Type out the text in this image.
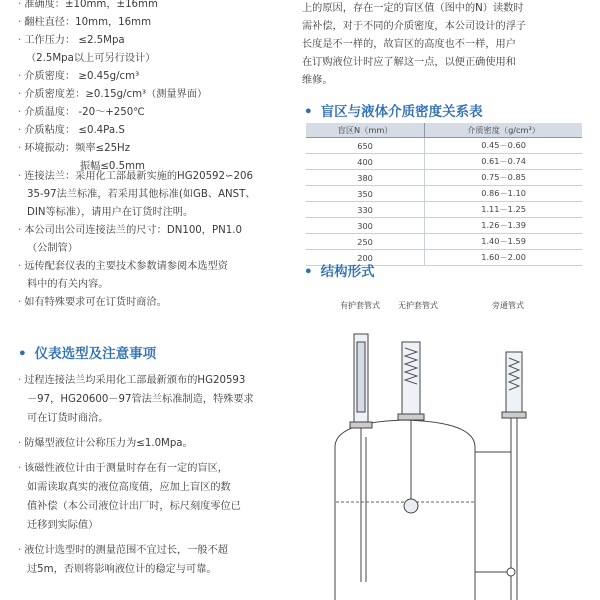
· 准确度：±10mm，±16mm
· 翻柱直径：10mm，16mm
· 工作压力： ≤2.5Mpa
（2.5Mpa以上可另行设计）
· 介质密度： ≥0.45g/cm³
· 介质密度差：≥0.15g/cm³（测量界面）
· 介质温度： -20～+250℃
· 介质粘度： ≤0.4Pa.S
· 环境振动：频率≤25Hz
振幅≤0.5mm
· 连接法兰：采用化工部最新实施的HG20592∽206
35-97法兰标准，若采用其他标准(如GB、ANST、
DIN等标准），请用户在订货时注明。
· 本公司出公司连接法兰的尺寸：DN100，PN1.0
（公制管）
· 远传配套仪表的主要技术参数请参阅本选型资
料中的有关内容。
· 如有特殊要求可在订货时商洽。
• 仪表选型及注意事项
· 过程连接法兰均采用化工部最新颁布的HG20593
－97，HG20600－97管法兰标准制造，特殊要求
可在订货时商洽。
· 防爆型液位计公称压力为≤1.0Mpa。
· 该磁性液位计由于测量时存在有一定的盲区，
如需读取真实的液位高度值，应加上盲区的数
值补偿（本公司液位计出厂时，标尺刻度零位已
迁移到实际值）
· 液位计选型时的测量范围不宜过长，一般不超
过5m，否则将影响液位计的稳定与可靠。
上的原因，存在一定的盲区值（图中的N）读数时
需补偿，对于不同的介质密度，本公司设计的浮子
长度是不一样的，故盲区的高度也不一样，用户
在订购液位计时应了解这一点，以便正确使用和
维修。
• 盲区与液体介质密度关系表
盲区N（mm）	介质密度（g/cm³）
650	0.45－0.60
400	0.61－0.74
380	0.75－0.85
350	0.86－1.10
330	1.11－1.25
300	1.26－1.39
250	1.40－1.59
200	1.60－2.00
• 结构形式
有护套管式 无护套管式	旁通管式
